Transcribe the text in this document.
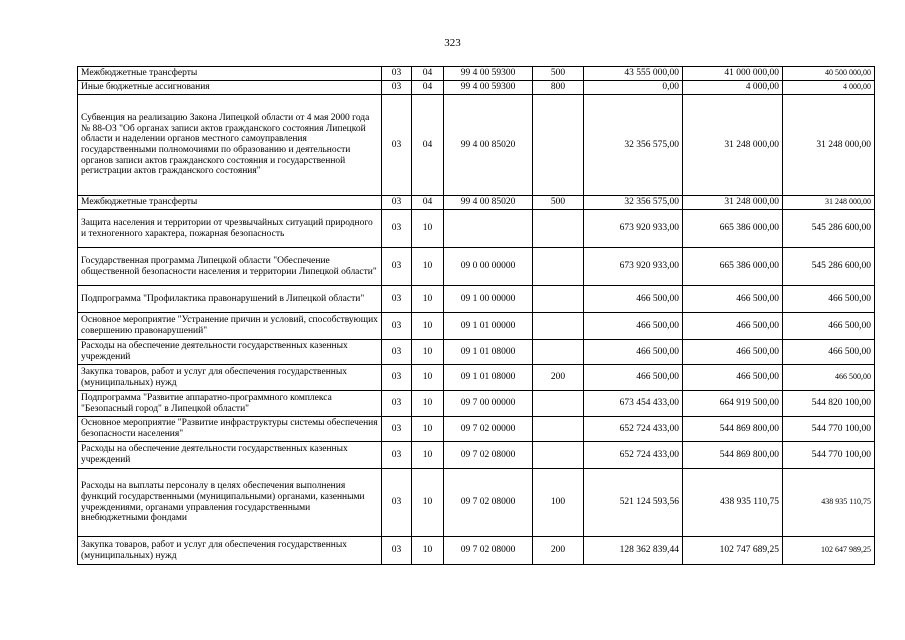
323
Межбюджетные трансферты	03	04	99 4 00 59300	500	43 555 000,00	41 000 000,00	40 500 000,00
Иные бюджетные ассигнования	03	04	99 4 00 59300	800	0,00	4 000,00	4 000,00
Субвенция на реализацию Закона Липецкой области от 4 мая 2000 года № 88-ОЗ "Об органах записи актов гражданского состояния Липецкой области и наделении органов местного самоуправления государственными полномочиями по образованию и деятельности органов записи актов гражданского состояния и государственной регистрации актов гражданского состояния"	03	04	99 4 00 85020		32 356 575,00	31 248 000,00	31 248 000,00
Межбюджетные трансферты	03	04	99 4 00 85020	500	32 356 575,00	31 248 000,00	31 248 000,00
Защита населения и территории от чрезвычайных ситуаций природного и техногенного характера, пожарная безопасность	03	10			673 920 933,00	665 386 000,00	545 286 600,00
Государственная программа Липецкой области "Обеспечение общественной безопасности населения и территории Липецкой области"	03	10	09 0 00 00000		673 920 933,00	665 386 000,00	545 286 600,00
Подпрограмма "Профилактика правонарушений в Липецкой области"	03	10	09 1 00 00000		466 500,00	466 500,00	466 500,00
Основное мероприятие "Устранение причин и условий, способствующих совершению правонарушений"	03	10	09 1 01 00000		466 500,00	466 500,00	466 500,00
Расходы на обеспечение деятельности государственных казенных учреждений	03	10	09 1 01 08000		466 500,00	466 500,00	466 500,00
Закупка товаров, работ и услуг для обеспечения государственных (муниципальных) нужд	03	10	09 1 01 08000	200	466 500,00	466 500,00	466 500,00
Подпрограмма "Развитие аппаратно-программного комплекса "Безопасный город" в Липецкой области"	03	10	09 7 00 00000		673 454 433,00	664 919 500,00	544 820 100,00
Основное мероприятие "Развитие инфраструктуры системы обеспечения безопасности населения"	03	10	09 7 02 00000		652 724 433,00	544 869 800,00	544 770 100,00
Расходы на обеспечение деятельности государственных казенных учреждений	03	10	09 7 02 08000		652 724 433,00	544 869 800,00	544 770 100,00
Расходы на выплаты персоналу в целях обеспечения выполнения функций государственными (муниципальными) органами, казенными учреждениями, органами управления государственными внебюджетными фондами	03	10	09 7 02 08000	100	521 124 593,56	438 935 110,75	438 935 110,75
Закупка товаров, работ и услуг для обеспечения государственных (муниципальных) нужд	03	10	09 7 02 08000	200	128 362 839,44	102 747 689,25	102 647 989,25
